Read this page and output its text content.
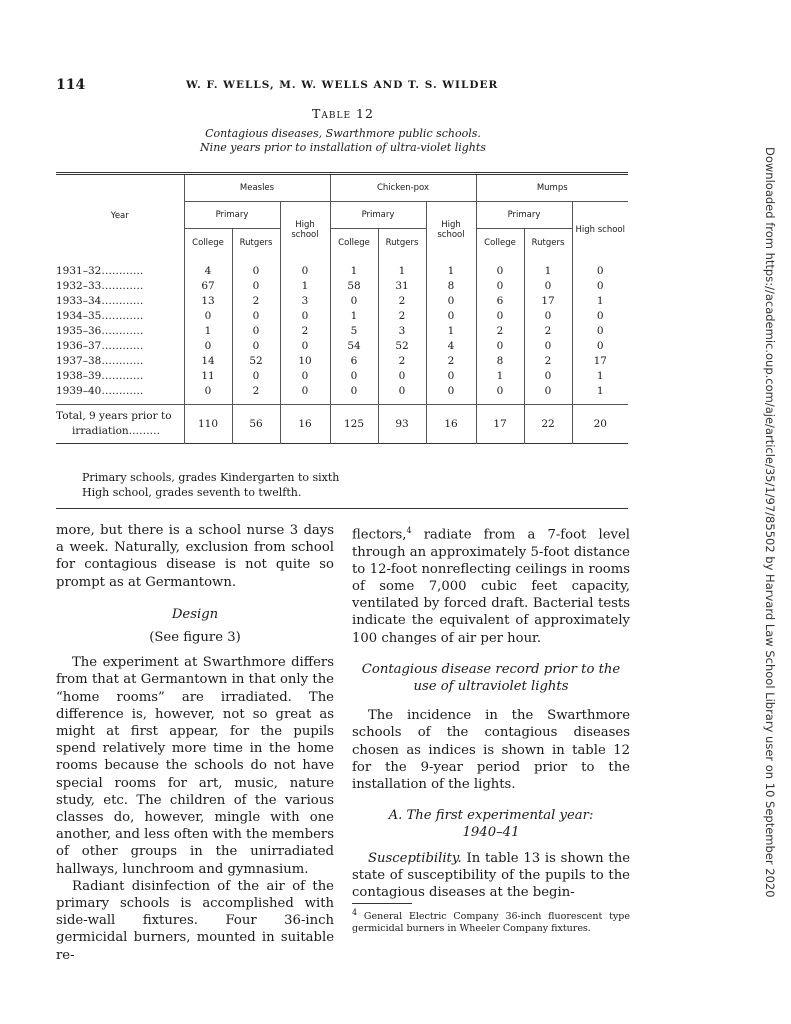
114	W. F. WELLS, M. W. WELLS AND T. S. WILDER
Table 12
Contagious diseases, Swarthmore public schools.
Nine years prior to installation of ultra-violet lights
Year	Measles			Chicken-pox			Mumps		
	Primary		High school	Primary		High school	Primary		High school
	College	Rutgers		College	Rutgers		College	Rutgers	
1931–32…………	4	0	0	1	1	1	0	1	0
1932–33…………	67	0	1	58	31	8	0	0	0
1933–34…………	13	2	3	0	2	0	6	17	1
1934–35…………	0	0	0	1	2	0	0	0	0
1935–36…………	1	0	2	5	3	1	2	2	0
1936–37…………	0	0	0	54	52	4	0	0	0
1937–38…………	14	52	10	6	2	2	8	2	17
1938–39…………	11	0	0	0	0	0	1	0	1
1939–40…………	0	2	0	0	0	0	0	0	1

Total, 9 years prior to
irradiation………	110	56	16	125	93	16	17	22	20
Primary schools, grades Kindergarten to sixth
High school, grades seventh to twelfth.

more, but there is a school nurse 3 days a week. Naturally, exclusion from school for contagious disease is not quite so prompt as at Germantown.

Design

(See figure 3)

The experiment at Swarthmore differs from that at Germantown in that only the “home rooms” are irradiated. The difference is, however, not so great as might at first appear, for the pupils spend relatively more time in the home rooms because the schools do not have special rooms for art, music, nature study, etc. The children of the various classes do, however, mingle with one another, and less often with the members of other groups in the unirradiated hallways, lunchroom and gymnasium.

Radiant disinfection of the air of the primary schools is accomplished with side-wall fixtures. Four 36-inch germicidal burners, mounted in suitable re-

flectors,$^4$ radiate from a 7-foot level through an approximately 5-foot distance to 12-foot nonreflecting ceilings in rooms of some 7,000 cubic feet capacity, ventilated by forced draft. Bacterial tests indicate the equivalent of approximately 100 changes of air per hour.

Contagious disease record prior to the use of ultraviolet lights

The incidence in the Swarthmore schools of the contagious diseases chosen as indices is shown in table 12 for the 9-year period prior to the installation of the lights.

A. The first experimental year:

1940–41

Susceptibility. In table 13 is shown the state of susceptibility of the pupils to the contagious diseases at the begin-

$^4$ General Electric Company 36-inch fluorescent type germicidal burners in Wheeler Company fixtures.
Downloaded from https://academic.oup.com/aje/article/35/1/97/85502 by Harvard Law School Library user on 10 September 2020
